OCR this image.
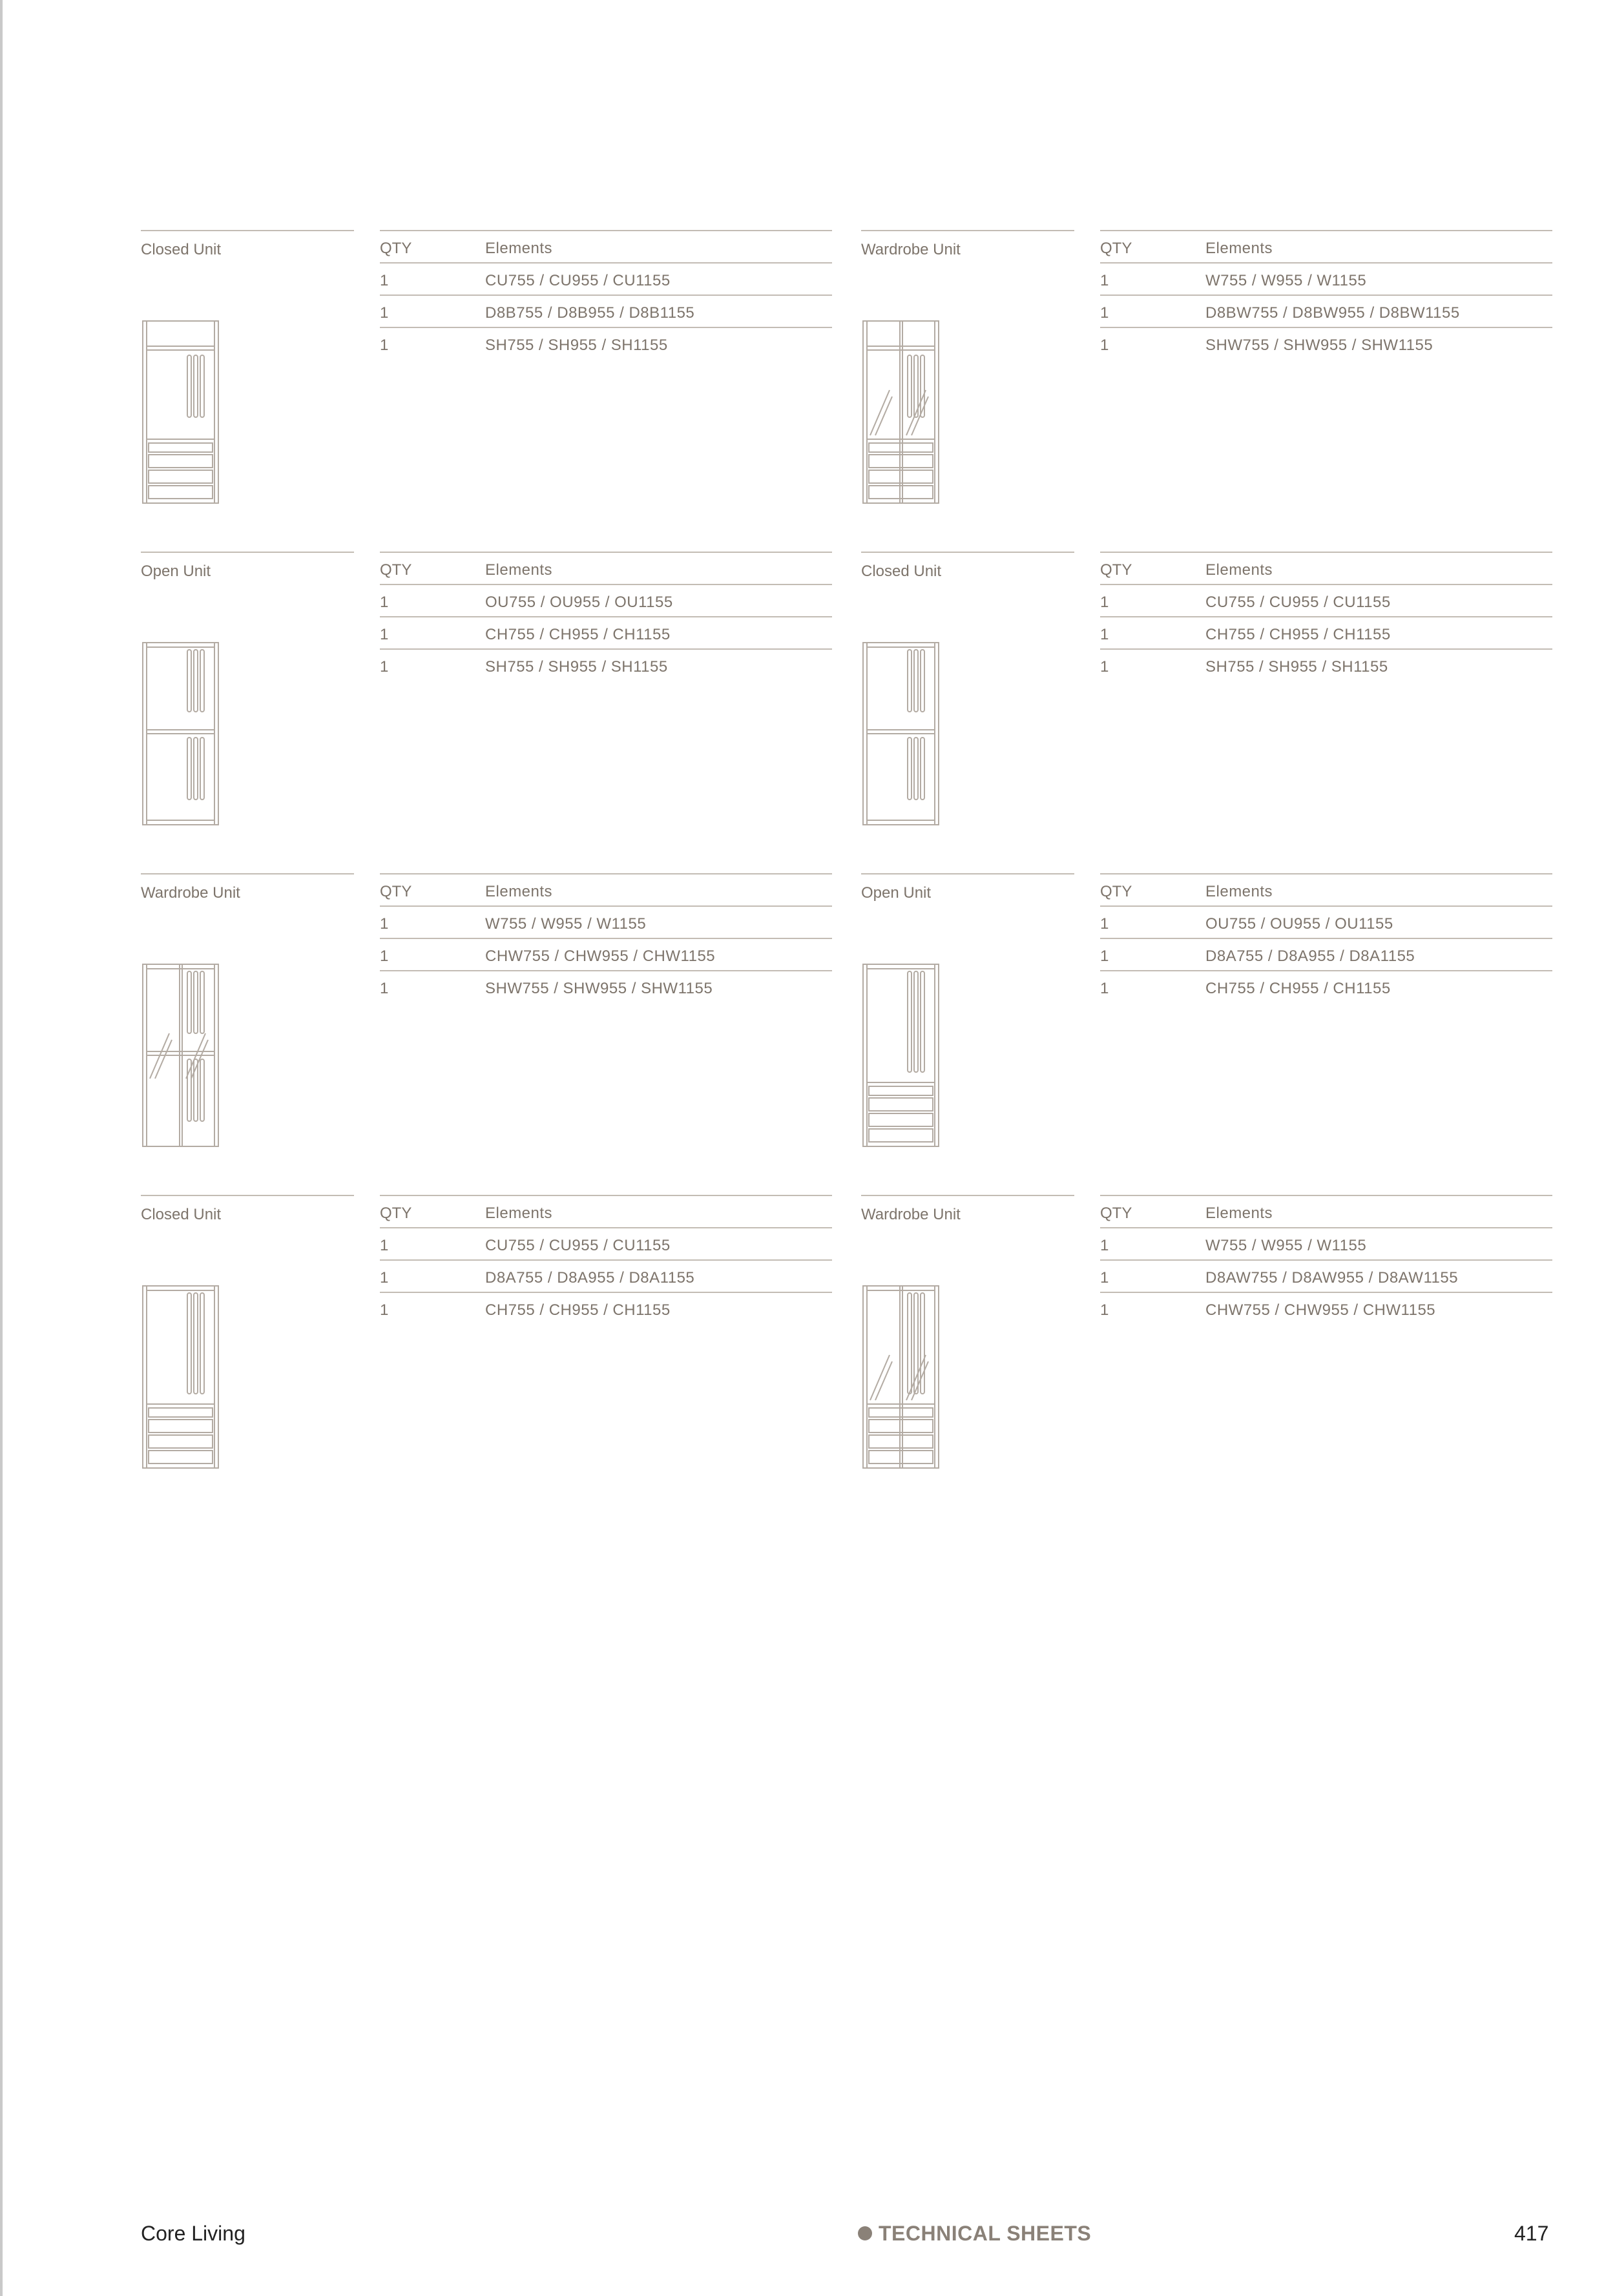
Closed Unit	QTY	Elements
1	CU755 / CU955 / CU1155
1	D8B755 / D8B955 / D8B1155
1	SH755 / SH955 / SH1155
Wardrobe Unit	QTY	Elements
1	W755 / W955 / W1155
1	D8BW755 / D8BW955 / D8BW1155
1	SHW755 / SHW955 / SHW1155
Open Unit	QTY	Elements
1	OU755 / OU955 / OU1155
1	CH755 / CH955 / CH1155
1	SH755 / SH955 / SH1155
Closed Unit	QTY	Elements
1	CU755 / CU955 / CU1155
1	CH755 / CH955 / CH1155
1	SH755 / SH955 / SH1155
Wardrobe Unit	QTY	Elements
1	W755 / W955 / W1155
1	CHW755 / CHW955 / CHW1155
1	SHW755 / SHW955 / SHW1155
Open Unit	QTY	Elements
1	OU755 / OU955 / OU1155
1	D8A755 / D8A955 / D8A1155
1	CH755 / CH955 / CH1155
Closed Unit	QTY	Elements
1	CU755 / CU955 / CU1155
1	D8A755 / D8A955 / D8A1155
1	CH755 / CH955 / CH1155
Wardrobe Unit	QTY	Elements
1	W755 / W955 / W1155
1	D8AW755 / D8AW955 / D8AW1155
1	CHW755 / CHW955 / CHW1155
Core Living	TECHNICAL SHEETS	417
